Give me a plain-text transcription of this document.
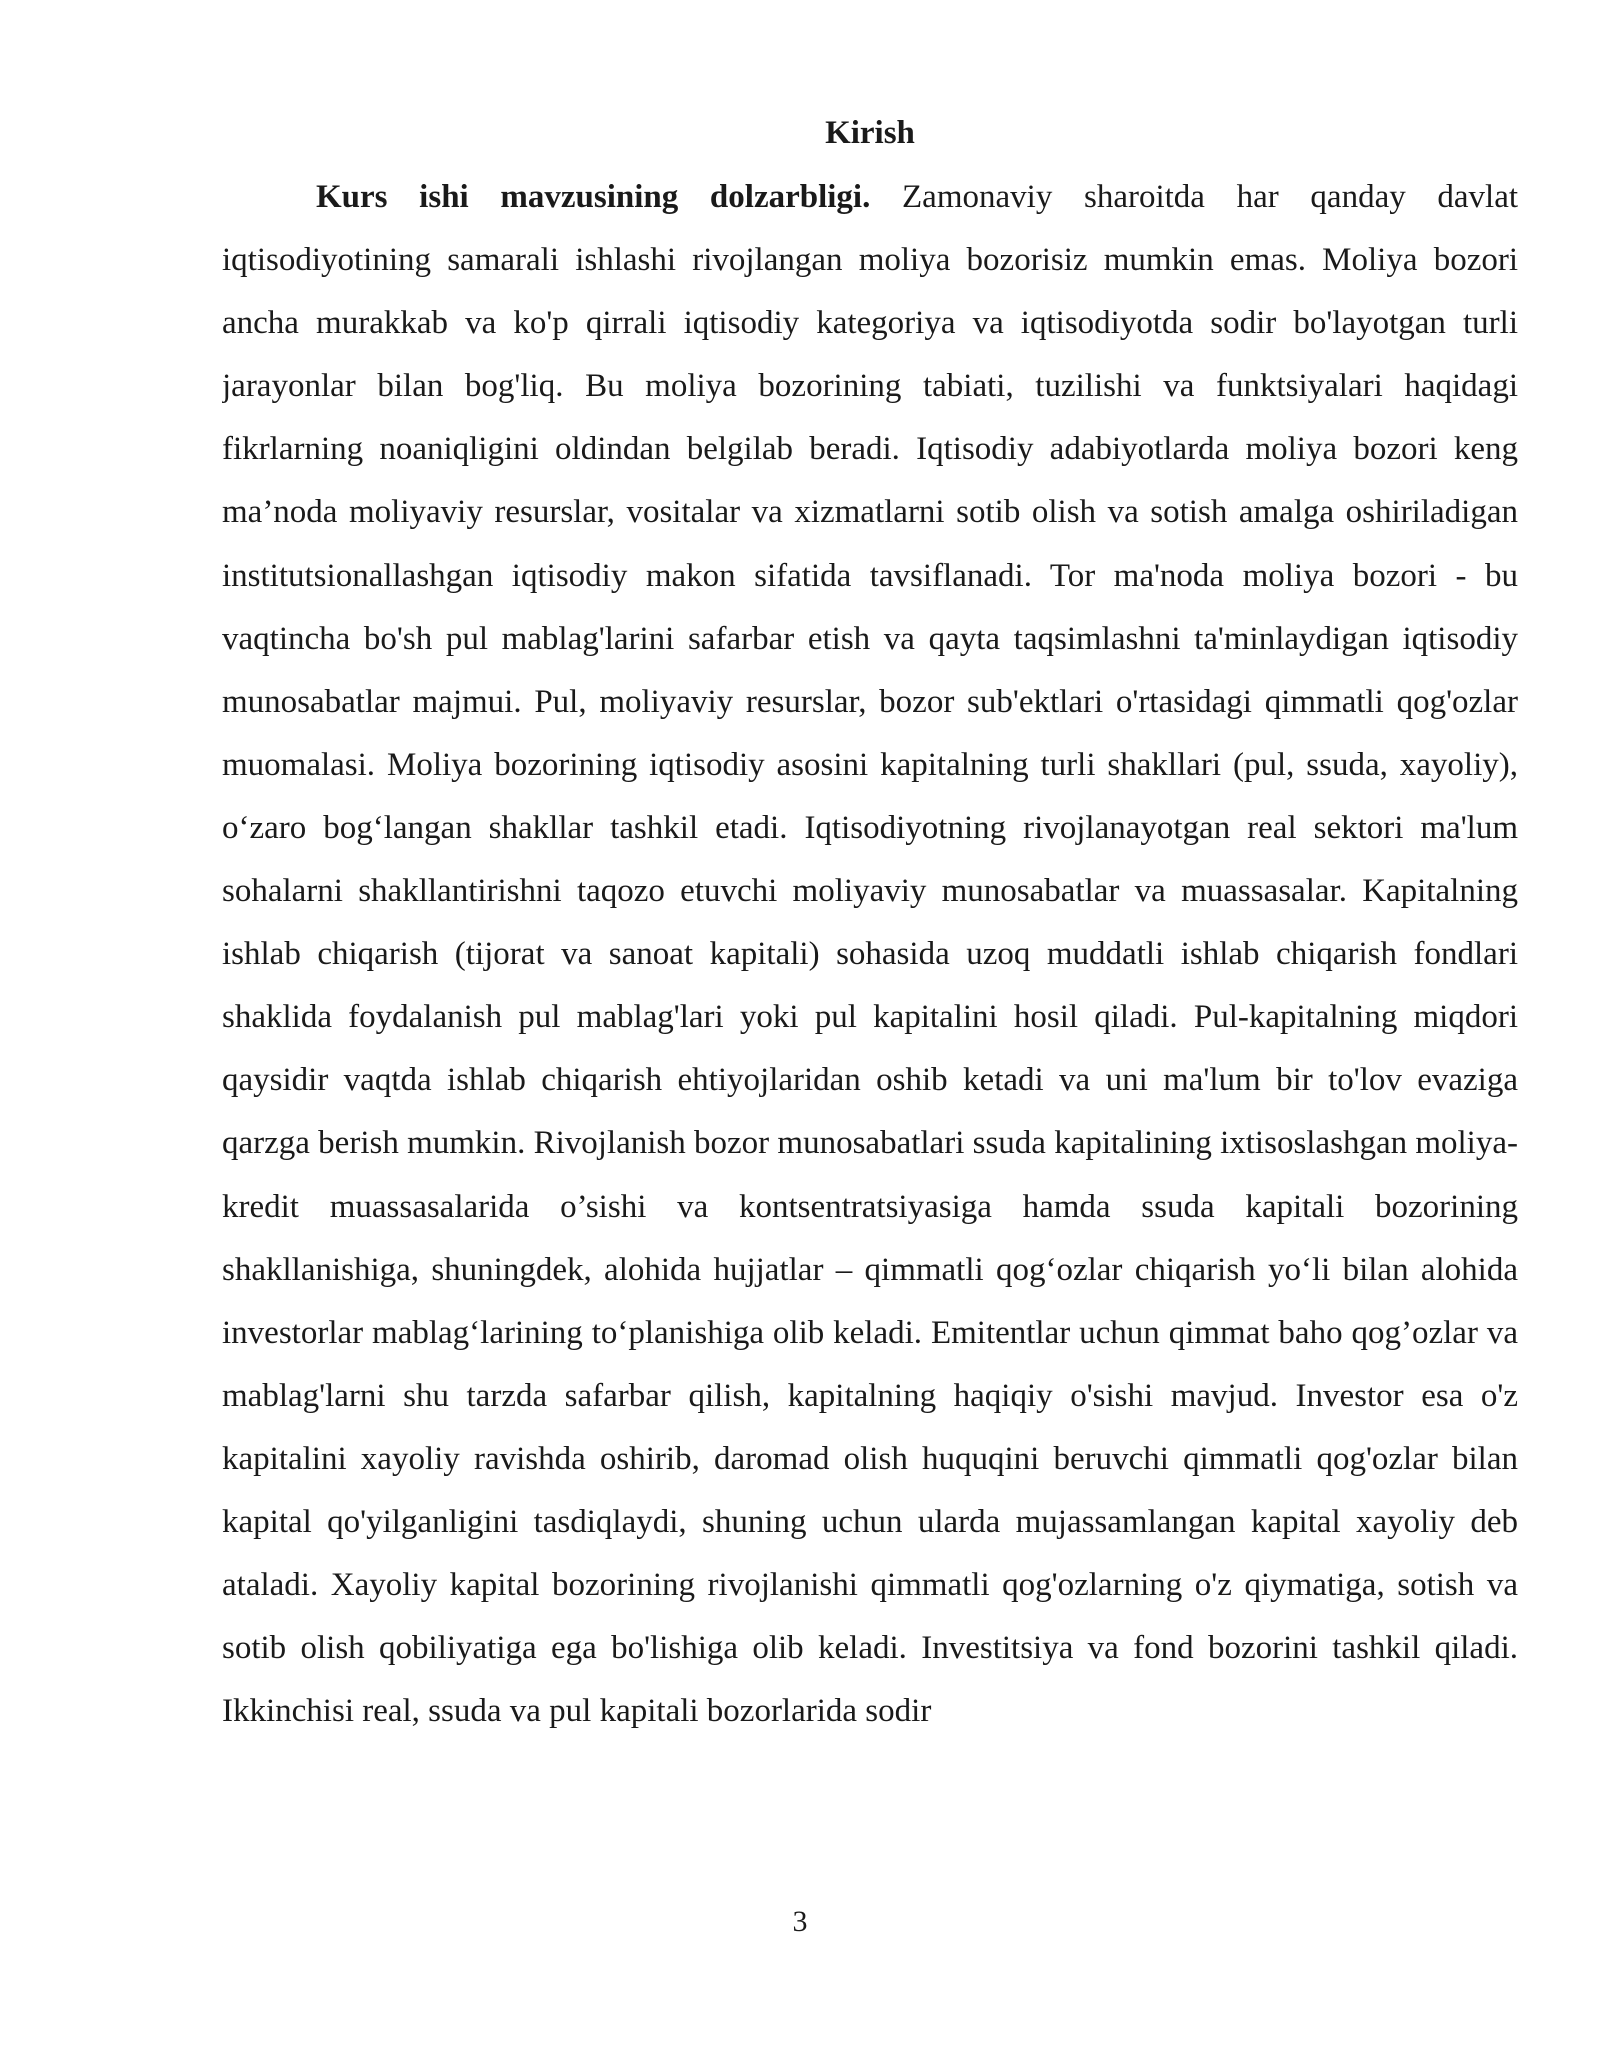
Kirish

Kurs ishi mavzusining dolzarbligi. Zamonaviy sharoitda har qanday davlat iqtisodiyotining samarali ishlashi rivojlangan moliya bozorisiz mumkin emas. Moliya bozori ancha murakkab va ko'p qirrali iqtisodiy kategoriya va iqtisodiyotda sodir bo'layotgan turli jarayonlar bilan bog'liq. Bu moliya bozorining tabiati, tuzilishi va funktsiyalari haqidagi fikrlarning noaniqligini oldindan belgilab beradi. Iqtisodiy adabiyotlarda moliya bozori keng ma’noda moliyaviy resurslar, vositalar va xizmatlarni sotib olish va sotish amalga oshiriladigan institutsionallashgan iqtisodiy makon sifatida tavsiflanadi. Tor ma'noda moliya bozori - bu vaqtincha bo'sh pul mablag'larini safarbar etish va qayta taqsimlashni ta'minlaydigan iqtisodiy munosabatlar majmui. Pul, moliyaviy resurslar, bozor sub'ektlari o'rtasidagi qimmatli qog'ozlar muomalasi. Moliya bozorining iqtisodiy asosini kapitalning turli shakllari (pul, ssuda, xayoliy), o‘zaro bog‘langan shakllar tashkil etadi. Iqtisodiyotning rivojlanayotgan real sektori ma'lum sohalarni shakllantirishni taqozo etuvchi moliyaviy munosabatlar va muassasalar. Kapitalning ishlab chiqarish (tijorat va sanoat kapitali) sohasida uzoq muddatli ishlab chiqarish fondlari shaklida foydalanish pul mablag'lari yoki pul kapitalini hosil qiladi. Pul-kapitalning miqdori qaysidir vaqtda ishlab chiqarish ehtiyojlaridan oshib ketadi va uni ma'lum bir to'lov evaziga qarzga berish mumkin. Rivojlanish bozor munosabatlari ssuda kapitalining ixtisoslashgan moliya-kredit muassasalarida o’sishi va kontsentratsiyasiga hamda ssuda kapitali bozorining shakllanishiga, shuningdek, alohida hujjatlar – qimmatli qog‘ozlar chiqarish yo‘li bilan alohida investorlar mablag‘larining to‘planishiga olib keladi. Emitentlar uchun qimmat baho qog’ozlar va mablag'larni shu tarzda safarbar qilish, kapitalning haqiqiy o'sishi mavjud. Investor esa o'z kapitalini xayoliy ravishda oshirib, daromad olish huquqini beruvchi qimmatli qog'ozlar bilan kapital qo'yilganligini tasdiqlaydi, shuning uchun ularda mujassamlangan kapital xayoliy deb ataladi. Xayoliy kapital bozorining rivojlanishi qimmatli qog'ozlarning o'z qiymatiga, sotish va sotib olish qobiliyatiga ega bo'lishiga olib keladi. Investitsiya va fond bozorini tashkil qiladi. Ikkinchisi real, ssuda va pul kapitali bozorlarida sodir

3
